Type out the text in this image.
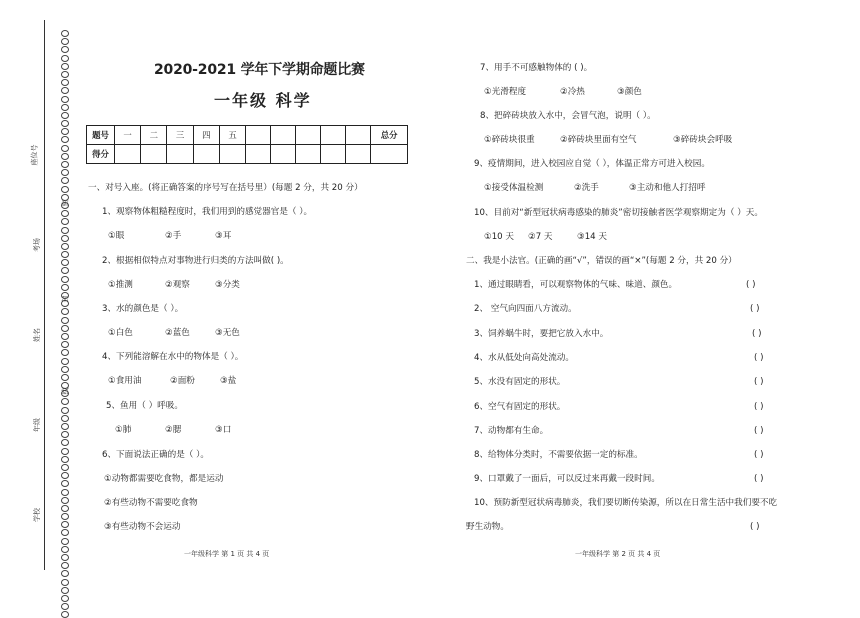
座位号
考场
姓名
年级
学校
密
封
线
2020-2021 学年下学期命题比赛
一年级 科学
题号	一	二	三	四	五						总分
得分											
一、对号入座。(将正确答案的序号写在括号里）(每题 2 分，共 20 分）
1、观察物体粗糙程度时，我们用到的感觉器官是（ ）。
①眼	②手	③耳
2、根据相似特点对事物进行归类的方法叫做( )。
①推测	②观察	③分类
3、水的颜色是（ ）。
①白色	②蓝色	③无色
4、下列能溶解在水中的物体是（ ）。
①食用油	②面粉	③盐
5、鱼用（ ）呼吸。
①肺	②腮	③口
6、下面说法正确的是（ ）。
①动物都需要吃食物，都是运动
②有些动物不需要吃食物
③有些动物不会运动
一年级科学 第 1 页 共 4 页
7、用手不可感触物体的 ( )。
①光滑程度	②冷热	③颜色
8、把碎砖块放入水中，会冒气泡，说明（ ）。
①碎砖块很重	②碎砖块里面有空气	③碎砖块会呼吸
9、疫情期间，进入校园应自觉（ ），体温正常方可进入校园。
①接受体温检测	②洗手	③主动和他人打招呼
10、目前对“新型冠状病毒感染的肺炎”密切接触者医学观察期定为（ ）天。
①10 天 ②7 天	③14 天
二、我是小法官。(正确的画“√”，错误的画“×”(每题 2 分，共 20 分）
1、通过眼睛看，可以观察物体的气味、味道、颜色。	( )
2、 空气向四面八方流动。	( )
3、饲养蜗牛时，要把它放入水中。	( )
4、水从低处向高处流动。	( )
5、水没有固定的形状。	( )
6、空气有固定的形状。	( )
7、动物都有生命。	( )
8、给物体分类时，不需要依据一定的标准。	( )
9、口罩戴了一面后，可以反过来再戴一段时间。	( )
10、预防新型冠状病毒肺炎，我们要切断传染源，所以在日常生活中我们要不吃
野生动物。	( )
一年级科学 第 2 页 共 4 页
